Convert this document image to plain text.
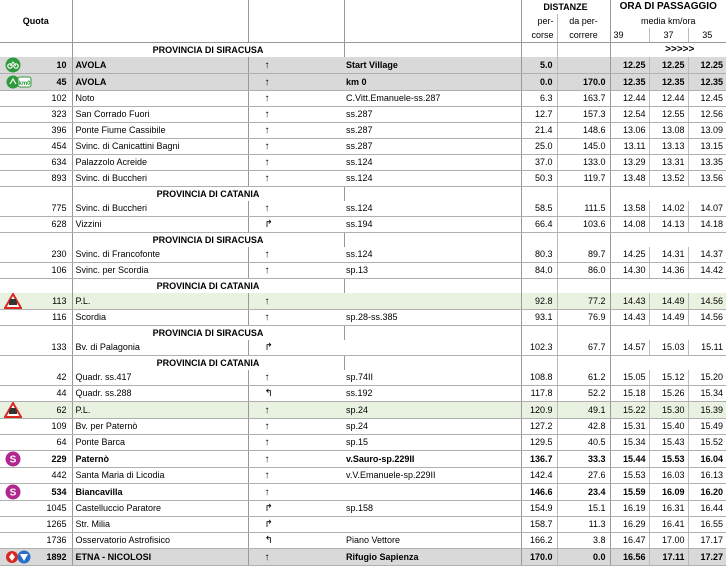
Quota					DISTANZE		ORA DI PASSAGGIO		
					per-	da per-	media km/ora		
					corse	correre	39	37	35
		PROVINCIA DI SIRACUSA					>>>>>		
	10	AVOLA	↑	Start Village	5.0		12.25	12.25	12.25

km0	45	AVOLA	↑	km 0	0.0	170.0	12.35	12.35	12.35
	102	Noto	↑	C.Vitt.Emanuele-ss.287	6.3	163.7	12.44	12.44	12.45
	323	San Corrado Fuori	↑	ss.287	12.7	157.3	12.54	12.55	12.56
	396	Ponte Fiume Cassibile	↑	ss.287	21.4	148.6	13.06	13.08	13.09
	454	Svinc. di Canicattini Bagni	↑	ss.287	25.0	145.0	13.11	13.13	13.15
	634	Palazzolo Acreide	↑	ss.124	37.0	133.0	13.29	13.31	13.35
	893	Svinc. di Buccheri	↑	ss.124	50.3	119.7	13.48	13.52	13.56
		PROVINCIA DI CATANIA							
	775	Svinc. di Buccheri	↑	ss.124	58.5	111.5	13.58	14.02	14.07
	628	Vizzini	↱	ss.194	66.4	103.6	14.08	14.13	14.18
		PROVINCIA DI SIRACUSA							
	230	Svinc. di Francofonte	↑	ss.124	80.3	89.7	14.25	14.31	14.37
	106	Svinc. per Scordia	↑	sp.13	84.0	86.0	14.30	14.36	14.42
		PROVINCIA DI CATANIA							
	113	P.L.	↑		92.8	77.2	14.43	14.49	14.56
	116	Scordia	↑	sp.28-ss.385	93.1	76.9	14.43	14.49	14.56
		PROVINCIA DI SIRACUSA							
	133	Bv. di Palagonia	↱		102.3	67.7	14.57	15.03	15.11
		PROVINCIA DI CATANIA							
	42	Quadr. ss.417	↑	sp.74II	108.8	61.2	15.05	15.12	15.20
	44	Quadr. ss.288	↰	ss.192	117.8	52.2	15.18	15.26	15.34
	62	P.L.	↑	sp.24	120.9	49.1	15.22	15.30	15.39
	109	Bv. per Paternò	↑	sp.24	127.2	42.8	15.31	15.40	15.49
	64	Ponte Barca	↑	sp.15	129.5	40.5	15.34	15.43	15.52

S	229	Paternò	↑	v.Sauro-sp.229II	136.7	33.3	15.44	15.53	16.04
	442	Santa Maria di Licodia	↑	v.V.Emanuele-sp.229II	142.4	27.6	15.53	16.03	16.13

S	534	Biancavilla	↑		146.6	23.4	15.59	16.09	16.20
	1045	Castelluccio Paratore	↱	sp.158	154.9	15.1	16.19	16.31	16.44
	1265	Str. Milia	↱		158.7	11.3	16.29	16.41	16.55
	1736	Osservatorio Astrofisico	↰	Piano Vettore	166.2	3.8	16.47	17.00	17.17
	1892	ETNA - NICOLOSI	↑	Rifugio Sapienza	170.0	0.0	16.56	17.11	17.27
